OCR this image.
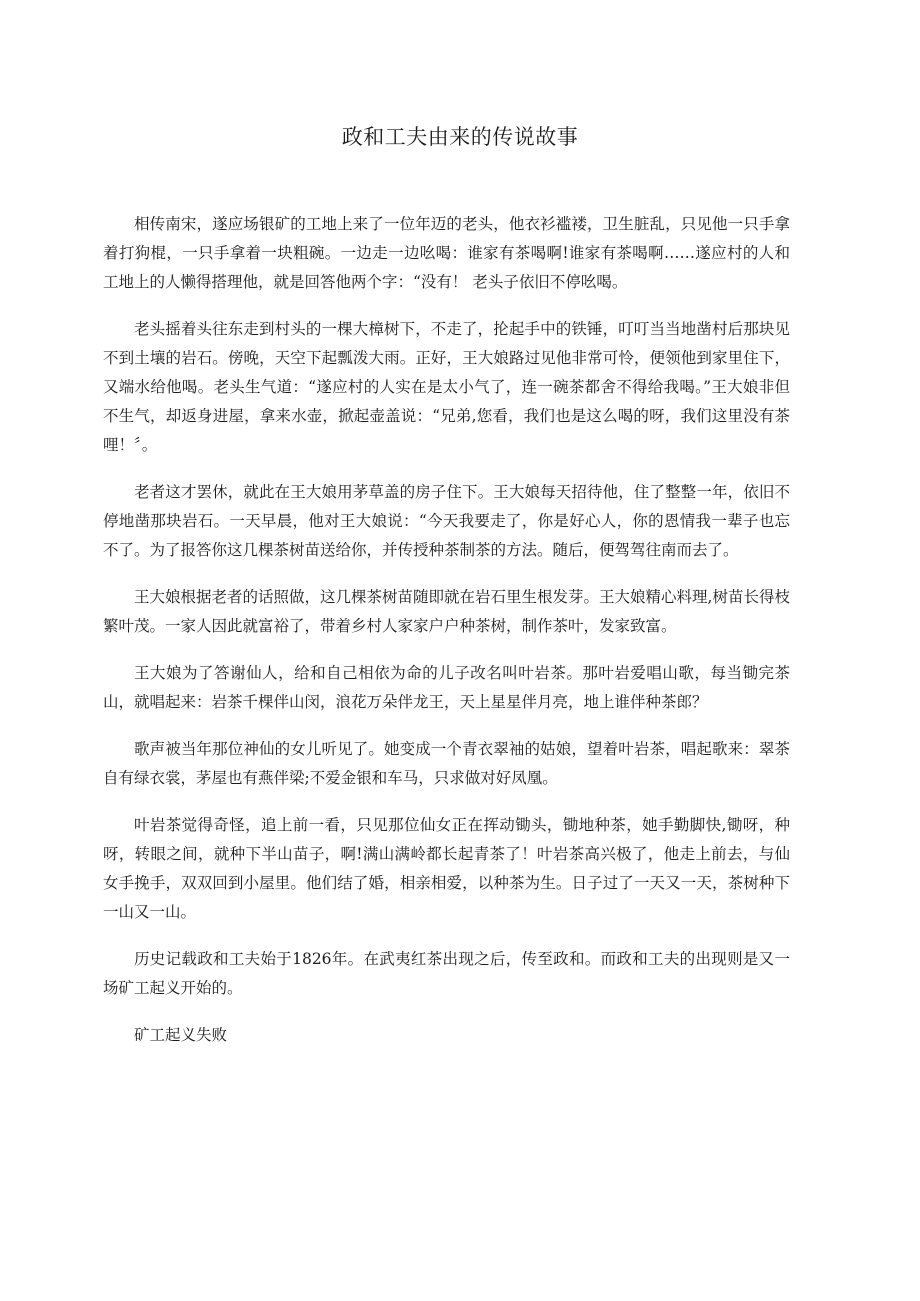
政和工夫由来的传说故事

相传南宋，遂应场银矿的工地上来了一位年迈的老头，他衣衫褴褛，卫生脏乱，只见他一只手拿着打狗棍，一只手拿着一块粗碗。一边走一边吆喝：谁家有茶喝啊!谁家有茶喝啊……遂应村的人和工地上的人懒得搭理他，就是回答他两个字：“没有！ 老头子依旧不停吆喝。

老头摇着头往东走到村头的一棵大樟树下，不走了，抡起手中的铁锤，叮叮当当地凿村后那块见不到土壤的岩石。傍晚，天空下起瓢泼大雨。正好，王大娘路过见他非常可怜，便领他到家里住下，又端水给他喝。老头生气道：“遂应村的人实在是太小气了，连一碗茶都舍不得给我喝。”王大娘非但不生气，却返身进屋，拿来水壶，掀起壶盖说：“兄弟,您看，我们也是这么喝的呀，我们这里没有茶哩！〞。

老者这才罢休，就此在王大娘用茅草盖的房子住下。王大娘每天招待他，住了整整一年，依旧不停地凿那块岩石。一天早晨，他对王大娘说：“今天我要走了，你是好心人，你的恩情我一辈子也忘不了。为了报答你这几棵茶树苗送给你，并传授种茶制茶的方法。随后，便驾驾往南而去了。

王大娘根据老者的话照做，这几棵茶树苗随即就在岩石里生根发芽。王大娘精心料理,树苗长得枝繁叶茂。一家人因此就富裕了，带着乡村人家家户户种茶树，制作茶叶，发家致富。

王大娘为了答谢仙人，给和自己相依为命的儿子改名叫叶岩茶。那叶岩爱唱山歌，每当锄完茶山，就唱起来：岩茶千棵伴山闵，浪花万朵伴龙王，天上星星伴月亮，地上谁伴种茶郎？

歌声被当年那位神仙的女儿听见了。她变成一个青衣翠袖的姑娘，望着叶岩茶，唱起歌来：翠茶自有绿衣裳，茅屋也有燕伴梁;不爱金银和车马，只求做对好凤凰。

叶岩茶觉得奇怪，追上前一看，只见那位仙女正在挥动锄头，锄地种茶，她手勤脚快,锄呀，种呀，转眼之间，就种下半山苗子，啊!满山满岭都长起青茶了！叶岩茶高兴极了，他走上前去，与仙女手挽手，双双回到小屋里。他们结了婚，相亲相爱，以种茶为生。日子过了一天又一天，茶树种下一山又一山。

历史记载政和工夫始于1826年。在武夷红茶出现之后，传至政和。而政和工夫的出现则是又一场矿工起义开始的。

矿工起义失败
